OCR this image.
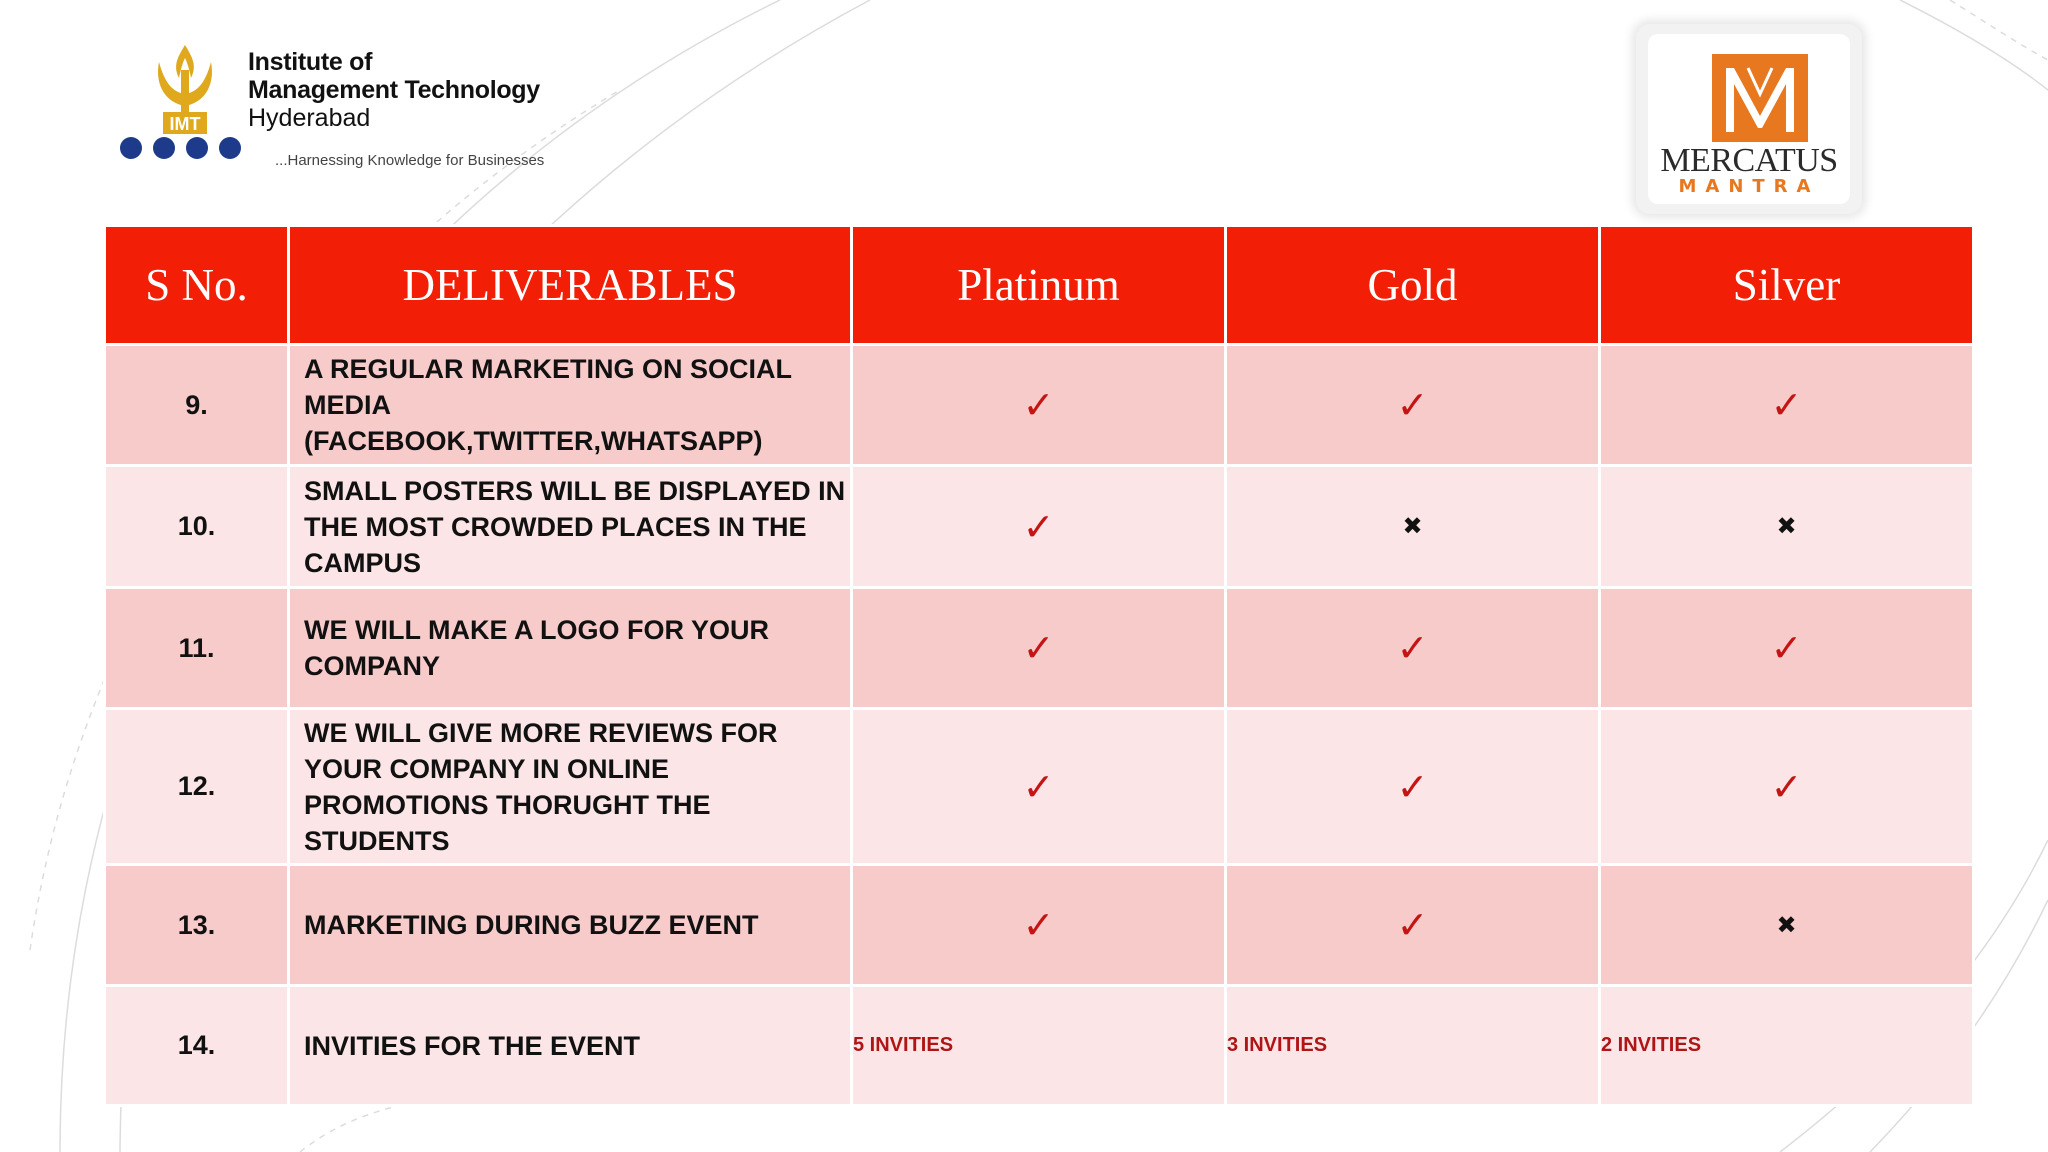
IMT
Institute of
Management Technology
Hyderabad
...Harnessing Knowledge for Businesses	MERCATUS
MANTRA
S No.	DELIVERABLES	Platinum	Gold	Silver
9.	A REGULAR MARKETING ON SOCIAL MEDIA (FACEBOOK,TWITTER,WHATSAPP)	✓	✓	✓
10.	SMALL POSTERS WILL BE DISPLAYED IN THE MOST CROWDED PLACES IN THE CAMPUS	✓	✖	✖
11.	WE WILL MAKE A LOGO FOR YOUR COMPANY	✓	✓	✓
12.	WE WILL GIVE MORE REVIEWS FOR YOUR COMPANY IN ONLINE PROMOTIONS THORUGHT THE STUDENTS	✓	✓	✓
13.	MARKETING DURING BUZZ EVENT	✓	✓	✖
14.	INVITIES FOR THE EVENT	5 INVITIES	3 INVITIES	2 INVITIES
